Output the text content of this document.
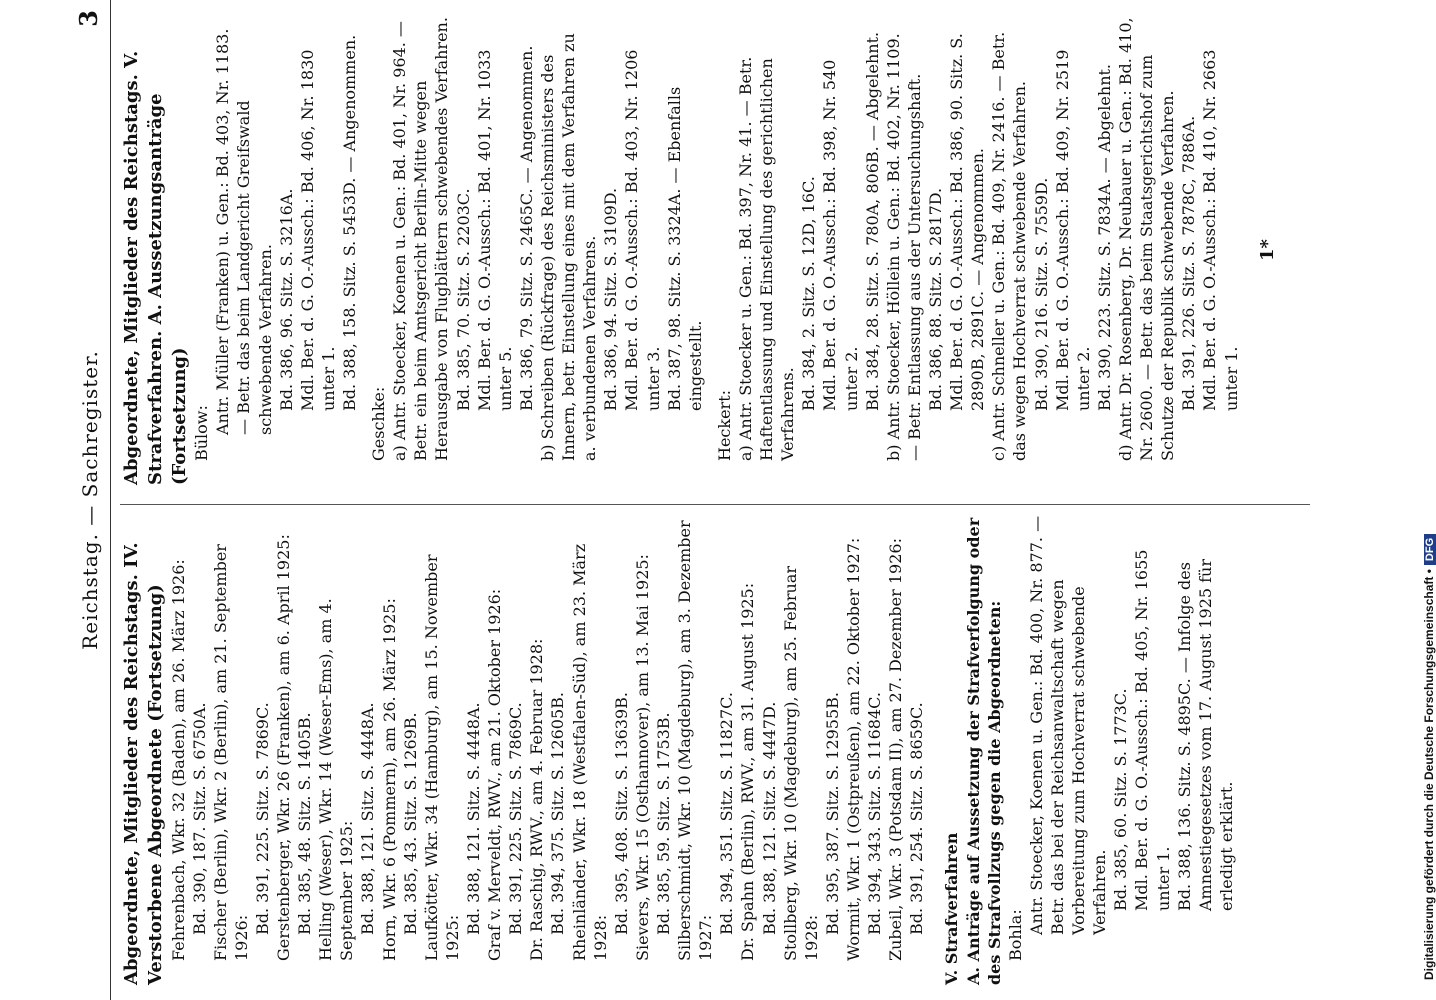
Reichstag. — Sachregister.
3
Abgeordnete, Mitglieder des Reichstags. IV. Verstorbene Abgeordnete (Fortsetzung) Fehrenbach, Wkr. 32 (Baden), am 26. März 1926: Bd. 390, 187. Sitz. S. 6750A. Fischer (Berlin), Wkr. 2 (Berlin), am 21. September 1926:
Bd. 391, 225. Sitz. S. 7869C. Gerstenberger, Wkr. 26 (Franken), am 6. April 1925: Bd. 385, 48. Sitz. S. 1405B. Helling (Weser), Wkr. 14 (Weser-Ems), am 4. September 1925: Bd. 388, 121. Sitz. S. 4448A. Horn, Wkr. 6 (Pommern), am 26. März 1925: Bd. 385, 43. Sitz. S. 1269B. Laufkötter, Wkr. 34 (Hamburg), am 15. November 1925:
Bd. 388, 121. Sitz. S. 4448A. Graf v. Merveldt, RWV., am 21. Oktober 1926: Bd. 391, 225. Sitz. S. 7869C. Dr. Raschig, RWV., am 4. Februar 1928: Bd. 394, 375. Sitz. S. 12605B. Rheinländer, Wkr. 18 (Westfalen-Süd), am 23. März 1928:
Bd. 395, 408. Sitz. S. 13639B. Sievers, Wkr. 15 (Osthannover), am 13. Mai 1925: Bd. 385, 59. Sitz. S. 1753B. Silberschmidt, Wkr. 10 (Magdeburg), am 3. Dezember 1927:
Bd. 394, 351. Sitz. S. 11827C. Dr. Spahn (Berlin), RWV., am 31. August 1925: Bd. 388, 121. Sitz. S. 4447D. Stollberg, Wkr. 10 (Magdeburg), am 25. Februar 1928:
Bd. 395, 387. Sitz. S. 12955B. Wormit, Wkr. 1 (Ostpreußen), am 22. Oktober 1927: Bd. 394, 343. Sitz. S. 11684C. Zubeil, Wkr. 3 (Potsdam II), am 27. Dezember 1926: Bd. 391, 254. Sitz. S. 8659C. V. Strafverfahren A. Anträge auf Aussetzung der Strafverfolgung oder des Strafvollzugs gegen die Abgeordneten: Bohla:
Antr. Stoecker, Koenen u. Gen.: Bd. 400, Nr. 877. — Betr. das bei der Reichsanwaltschaft wegen Vorbereitung zum Hochverrat schwebende Verfahren. Bd. 385, 60. Sitz. S. 1773C. Mdl. Ber. d. G. O.-Aussch.: Bd. 405, Nr. 1655 unter 1. Bd. 388, 136. Sitz. S. 4895C. — Infolge des Amnestiegesetzes vom 17. August 1925 für erledigt erklärt.
Abgeordnete, Mitglieder des Reichstags. V. Strafverfahren. A. Aussetzungsanträge (Fortsetzung) Bülow: Antr. Müller (Franken) u. Gen.: Bd. 403, Nr. 1183. — Betr. das beim Landgericht Greifswald schwebende Verfahren. Bd. 386, 96. Sitz. S. 3216A. Mdl. Ber. d. G. O.-Aussch.: Bd. 406, Nr. 1830 unter 1. Bd. 388, 158. Sitz. S. 5453D. — Angenommen.
Geschke: a) Antr. Stoecker, Koenen u. Gen.: Bd. 401, Nr. 964. — Betr. ein beim Amtsgericht Berlin-Mitte wegen Herausgabe von Flugblättern schwebendes Verfahren. Bd. 385, 70. Sitz. S. 2203C. Mdl. Ber. d. G. O.-Aussch.: Bd. 401, Nr. 1033 unter 5. Bd. 386, 79. Sitz. S. 2465C. — Angenommen. b) Schreiben (Rückfrage) des Reichsministers des Innern, betr. Einstellung eines mit dem Verfahren zu a. verbundenen Verfahrens. Bd. 386, 94. Sitz. S. 3109D. Mdl. Ber. d. G. O.-Aussch.: Bd. 403, Nr. 1206 unter 3. Bd. 387, 98. Sitz. S. 3324A. — Ebenfalls eingestellt.
Heckert: a) Antr. Stoecker u. Gen.: Bd. 397, Nr. 41. — Betr. Haftentlassung und Einstellung des gerichtlichen Verfahrens.
Bd. 384, 2. Sitz. S. 12D, 16C. Mdl. Ber. d. G. O.-Aussch.: Bd. 398, Nr. 540 unter 2. Bd. 384, 28. Sitz. S. 780A, 806B. — Abgelehnt. b) Antr. Stoecker, Höllein u. Gen.: Bd. 402, Nr. 1109. — Betr. Entlassung aus der Untersuchungshaft. Bd. 386, 88. Sitz. S. 2817D. Mdl. Ber. d. G. O.-Aussch.: Bd. 386, 90. Sitz. S. 2890B, 2891C. — Angenommen. c) Antr. Schneller u. Gen.: Bd. 409, Nr. 2416. — Betr. das wegen Hochverrat schwebende Verfahren. Bd. 390, 216. Sitz. S. 7559D. Mdl. Ber. d. G. O.-Aussch.: Bd. 409, Nr. 2519 unter 2. Bd. 390, 223. Sitz. S. 7834A. — Abgelehnt. d) Antr. Dr. Rosenberg, Dr. Neubauer u. Gen.: Bd. 410, Nr. 2600. — Betr. das beim Staatsgerichtshof zum Schutze der Republik schwebende Verfahren. Bd. 391, 226. Sitz. S. 7878C, 7886A. Mdl. Ber. d. G. O.-Aussch.: Bd. 410, Nr. 2663 unter 1.
1*
Digitalisierung gefördert durch die Deutsche Forschungsgemeinschaft •DFG
